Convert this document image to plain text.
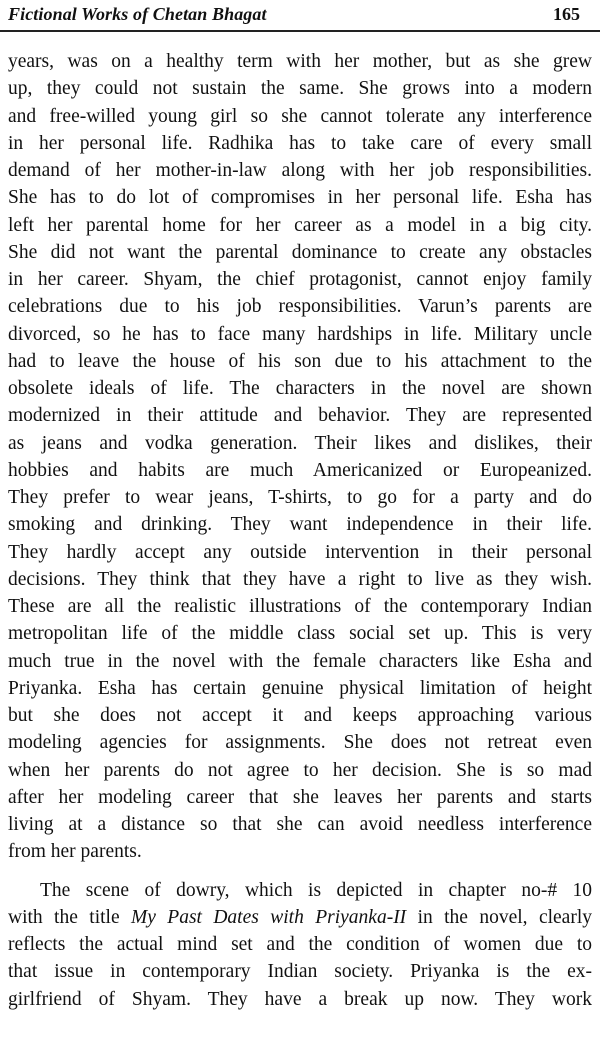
Fictional Works of Chetan Bhagat	165
years, was on a healthy term with her mother, but as she grew
up, they could not sustain the same. She grows into a modern
and free-willed young girl so she cannot tolerate any interference
in her personal life. Radhika has to take care of every small
demand of her mother-in-law along with her job responsibilities.
She has to do lot of compromises in her personal life. Esha has
left her parental home for her career as a model in a big city.
She did not want the parental dominance to create any obstacles
in her career. Shyam, the chief protagonist, cannot enjoy family
celebrations due to his job responsibilities. Varun’s parents are
divorced, so he has to face many hardships in life. Military uncle
had to leave the house of his son due to his attachment to the
obsolete ideals of life. The characters in the novel are shown
modernized in their attitude and behavior. They are represented
as jeans and vodka generation. Their likes and dislikes, their
hobbies and habits are much Americanized or Europeanized.
They prefer to wear jeans, T-shirts, to go for a party and do
smoking and drinking. They want independence in their life.
They hardly accept any outside intervention in their personal
decisions. They think that they have a right to live as they wish.
These are all the realistic illustrations of the contemporary Indian
metropolitan life of the middle class social set up. This is very
much true in the novel with the female characters like Esha and
Priyanka. Esha has certain genuine physical limitation of height
but she does not accept it and keeps approaching various
modeling agencies for assignments. She does not retreat even
when her parents do not agree to her decision. She is so mad
after her modeling career that she leaves her parents and starts
living at a distance so that she can avoid needless interference
from her parents.
The scene of dowry, which is depicted in chapter no-# 10
with the title My Past Dates with Priyanka-II in the novel, clearly
reflects the actual mind set and the condition of women due to
that issue in contemporary Indian society. Priyanka is the ex-
girlfriend of Shyam. They have a break up now. They work
